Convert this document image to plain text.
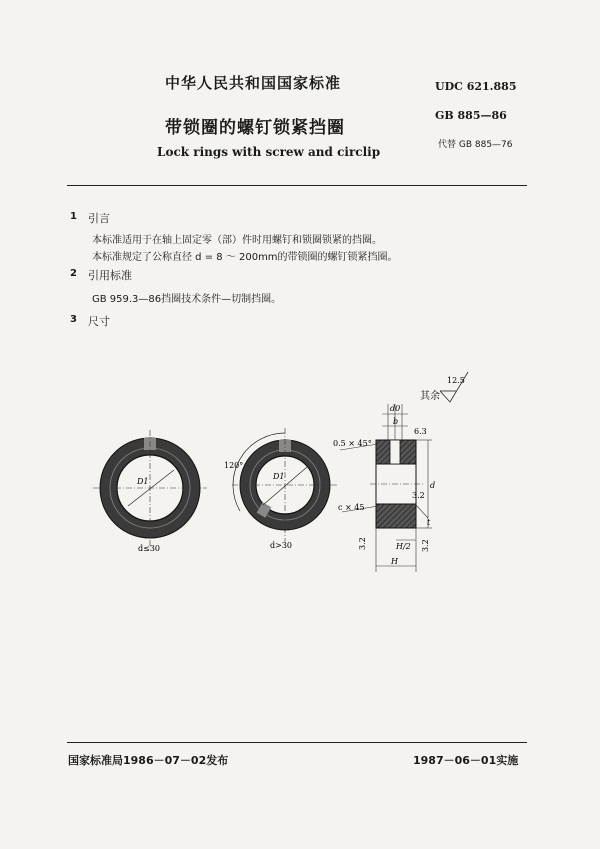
中华人民共和国国家标准
带锁圈的螺钉锁紧挡圈
Lock rings with screw and circlip
UDC 621.885
GB 885—86
代替 GB 885—76
1 引言
本标准适用于在轴上固定零（部）件时用螺钉和锁圈锁紧的挡圈。
本标准规定了公称直径 d = 8 ～ 200mm的带锁圈的螺钉锁紧挡圈。
2 引用标准
GB 959.3—86挡圈技术条件—切制挡圈。
3 尺寸
D1
d≤30
120°
D1
d>30
其余
12.5
d0
b
0.5 × 45°
c × 45
6.3
3.2
d
t
3.2	3.2
H/2
H
国家标准局1986－07－02发布	1987－06－01实施
